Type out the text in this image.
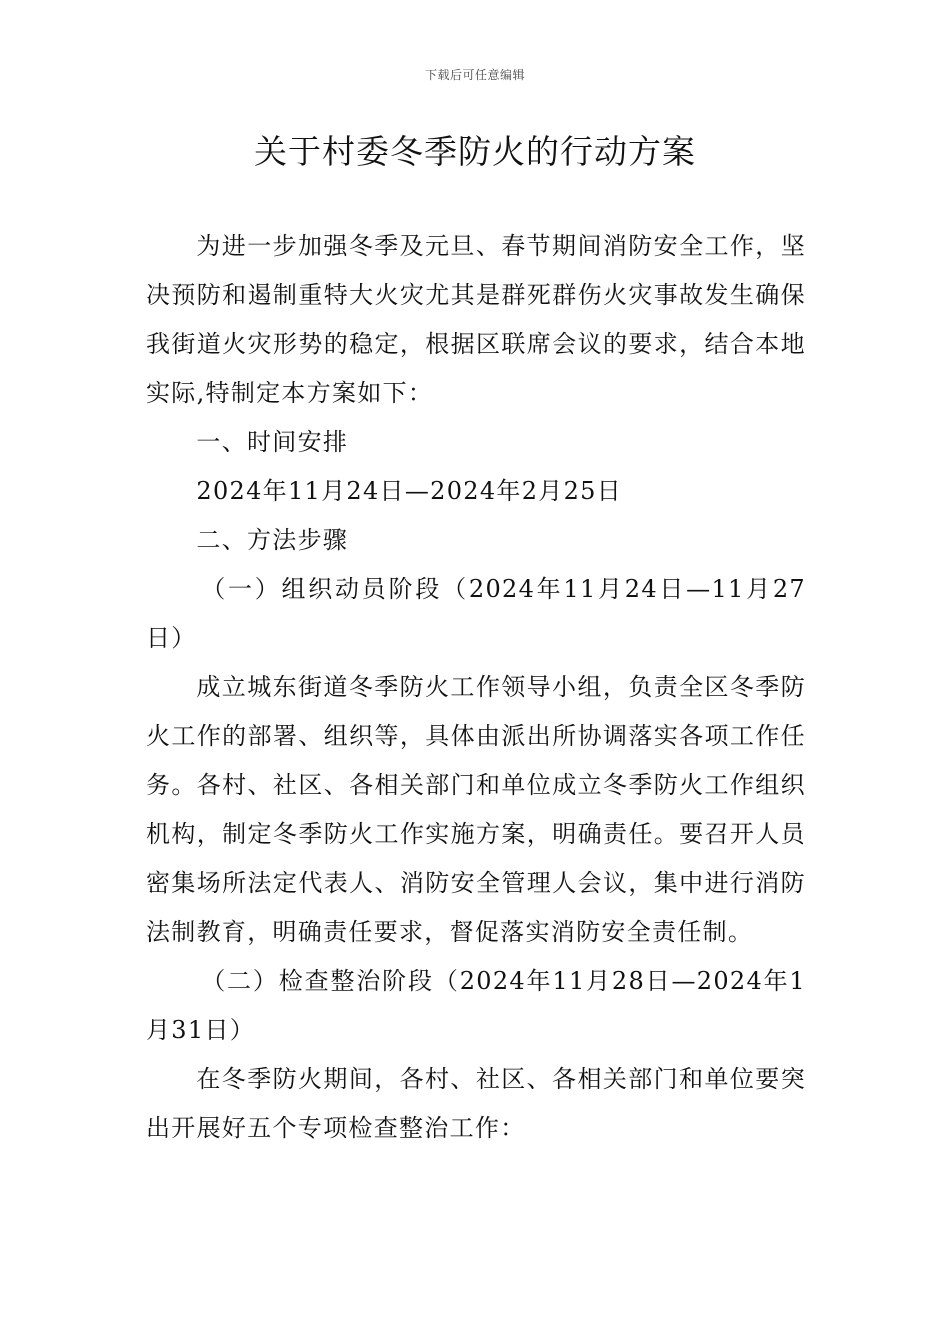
下载后可任意编辑
关于村委冬季防火的行动方案

为进一步加强冬季及元旦、春节期间消防安全工作，坚决预防和遏制重特大火灾尤其是群死群伤火灾事故发生确保我街道火灾形势的稳定，根据区联席会议的要求，结合本地实际,特制定本方案如下：

一、时间安排

2024年11月24日—2024年2月25日

二、方法步骤

（一）组织动员阶段（2024年11月24日—11月27日）

成立城东街道冬季防火工作领导小组，负责全区冬季防火工作的部署、组织等，具体由派出所协调落实各项工作任务。各村、社区、各相关部门和单位成立冬季防火工作组织机构，制定冬季防火工作实施方案，明确责任。要召开人员密集场所法定代表人、消防安全管理人会议，集中进行消防法制教育，明确责任要求，督促落实消防安全责任制。

（二）检查整治阶段（2024年11月28日—2024年1月31日）

在冬季防火期间，各村、社区、各相关部门和单位要突出开展好五个专项检查整治工作：
